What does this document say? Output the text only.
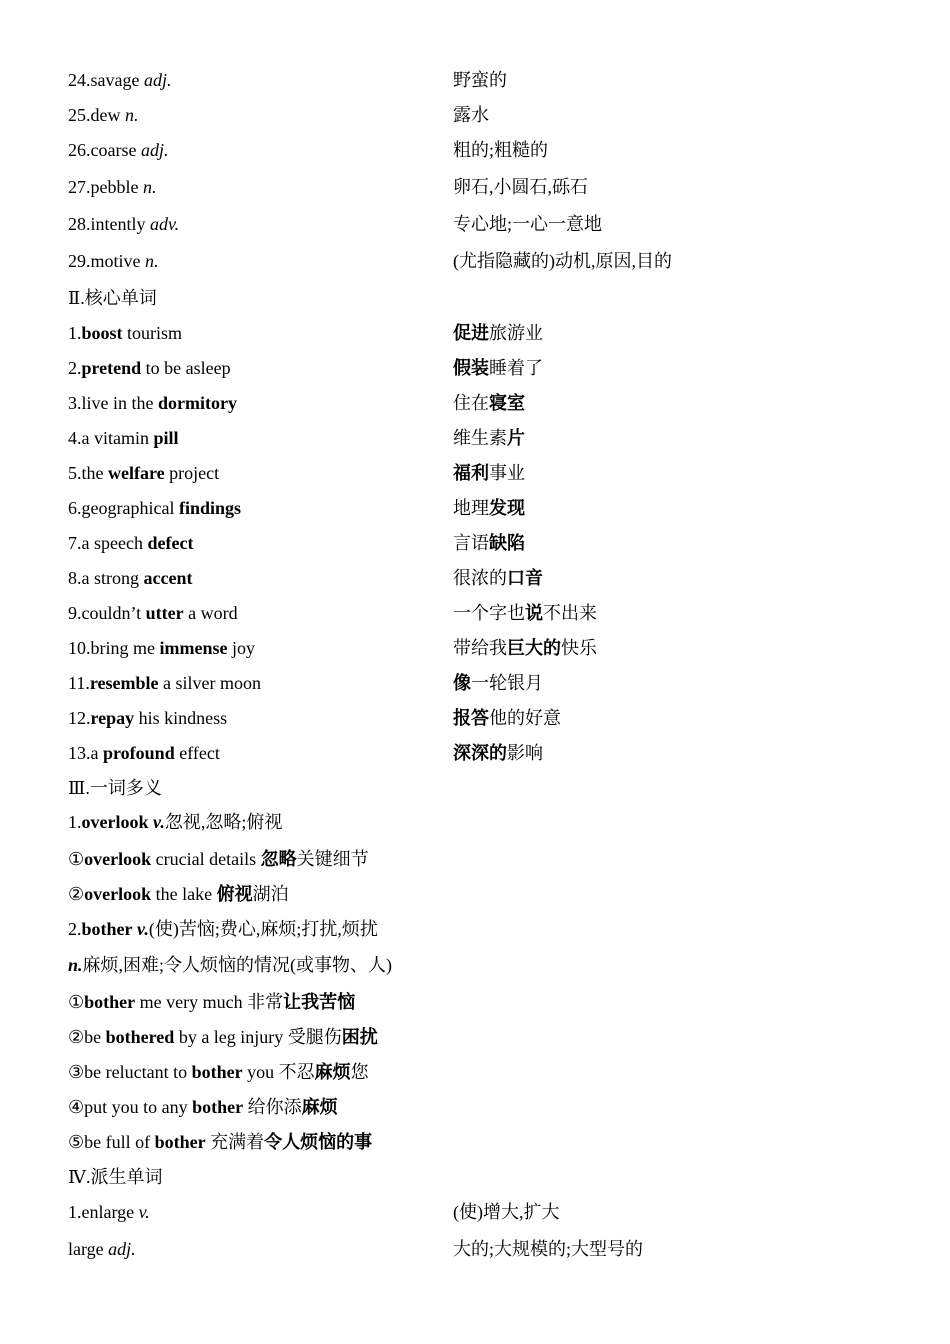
24.savage adj.	野蛮的
25.dew n.	露水
26.coarse adj.	粗的;粗糙的
27.pebble n.	卵石,小圆石,砾石
28.intently adv.	专心地;一心一意地
29.motive n.	(尤指隐藏的)动机,原因,目的
Ⅱ.核心单词
1.boost tourism	促进旅游业
2.pretend to be asleep	假装睡着了
3.live in the dormitory	住在寝室
4.a vitamin pill	维生素片
5.the welfare project	福利事业
6.geographical findings	地理发现
7.a speech defect	言语缺陷
8.a strong accent	很浓的口音
9.couldn’t utter a word	一个字也说不出来
10.bring me immense joy	带给我巨大的快乐
11.resemble a silver moon	像一轮银月
12.repay his kindness	报答他的好意
13.a profound effect	深深的影响
Ⅲ.一词多义
1.overlook v.忽视,忽略;俯视
①overlook crucial details 忽略关键细节
②overlook the lake 俯视湖泊
2.bother v.(使)苦恼;费心,麻烦;打扰,烦扰
n.麻烦,困难;令人烦恼的情况(或事物、人)
①bother me very much 非常让我苦恼
②be bothered by a leg injury 受腿伤困扰
③be reluctant to bother you 不忍麻烦您
④put you to any bother 给你添麻烦
⑤be full of bother 充满着令人烦恼的事
Ⅳ.派生单词
1.enlarge v.	(使)增大,扩大
large adj.	大的;大规模的;大型号的
